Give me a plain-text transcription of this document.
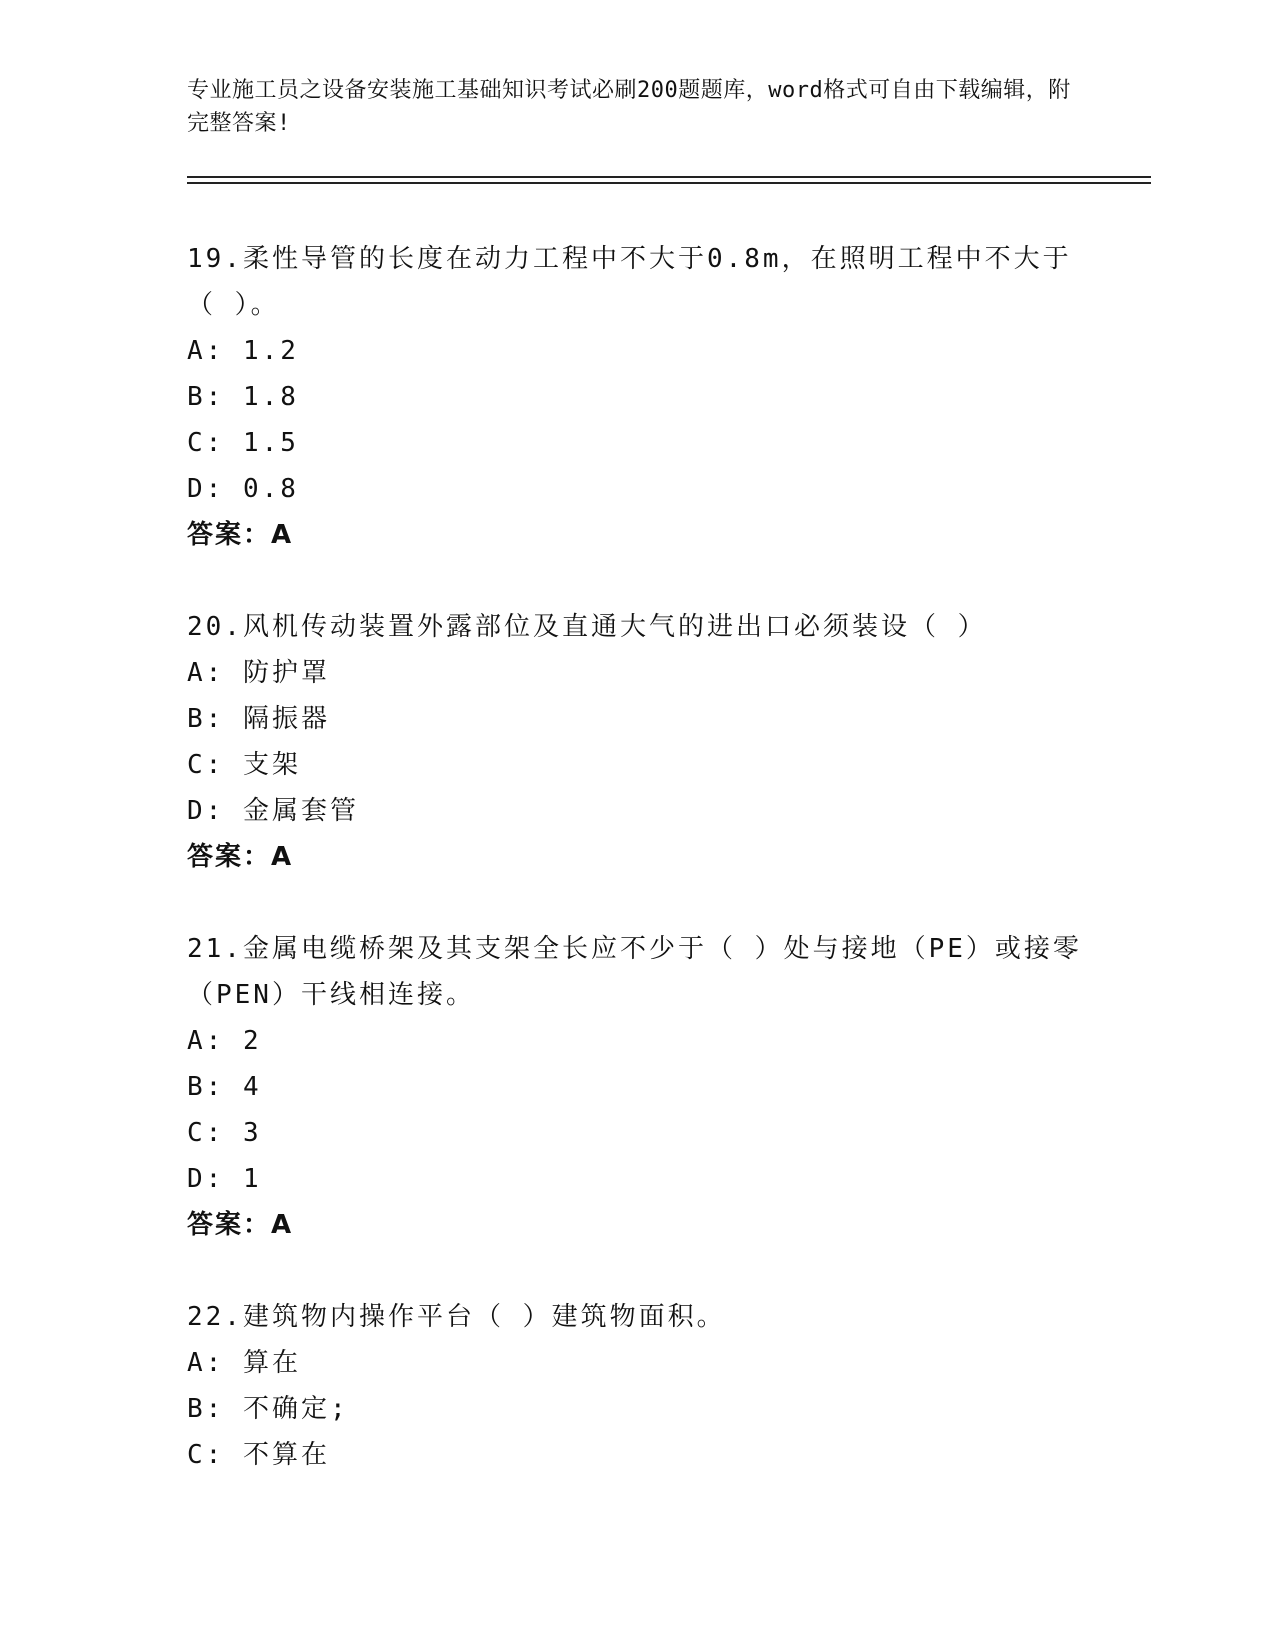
专业施工员之设备安装施工基础知识考试必刷200题题库，word格式可自由下载编辑，附完整答案!

19.柔性导管的长度在动力工程中不大于0.8m，在照明工程中不大于（ ）。

A: 1.2

B: 1.8

C: 1.5

D: 0.8

答案：A

20.风机传动装置外露部位及直通大气的进出口必须装设（ ）

A: 防护罩

B: 隔振器

C: 支架

D: 金属套管

答案：A

21.金属电缆桥架及其支架全长应不少于（ ）处与接地（PE）或接零（PEN）干线相连接。

A: 2

B: 4

C: 3

D: 1

答案：A

22.建筑物内操作平台（ ）建筑物面积。

A: 算在

B: 不确定;

C: 不算在
